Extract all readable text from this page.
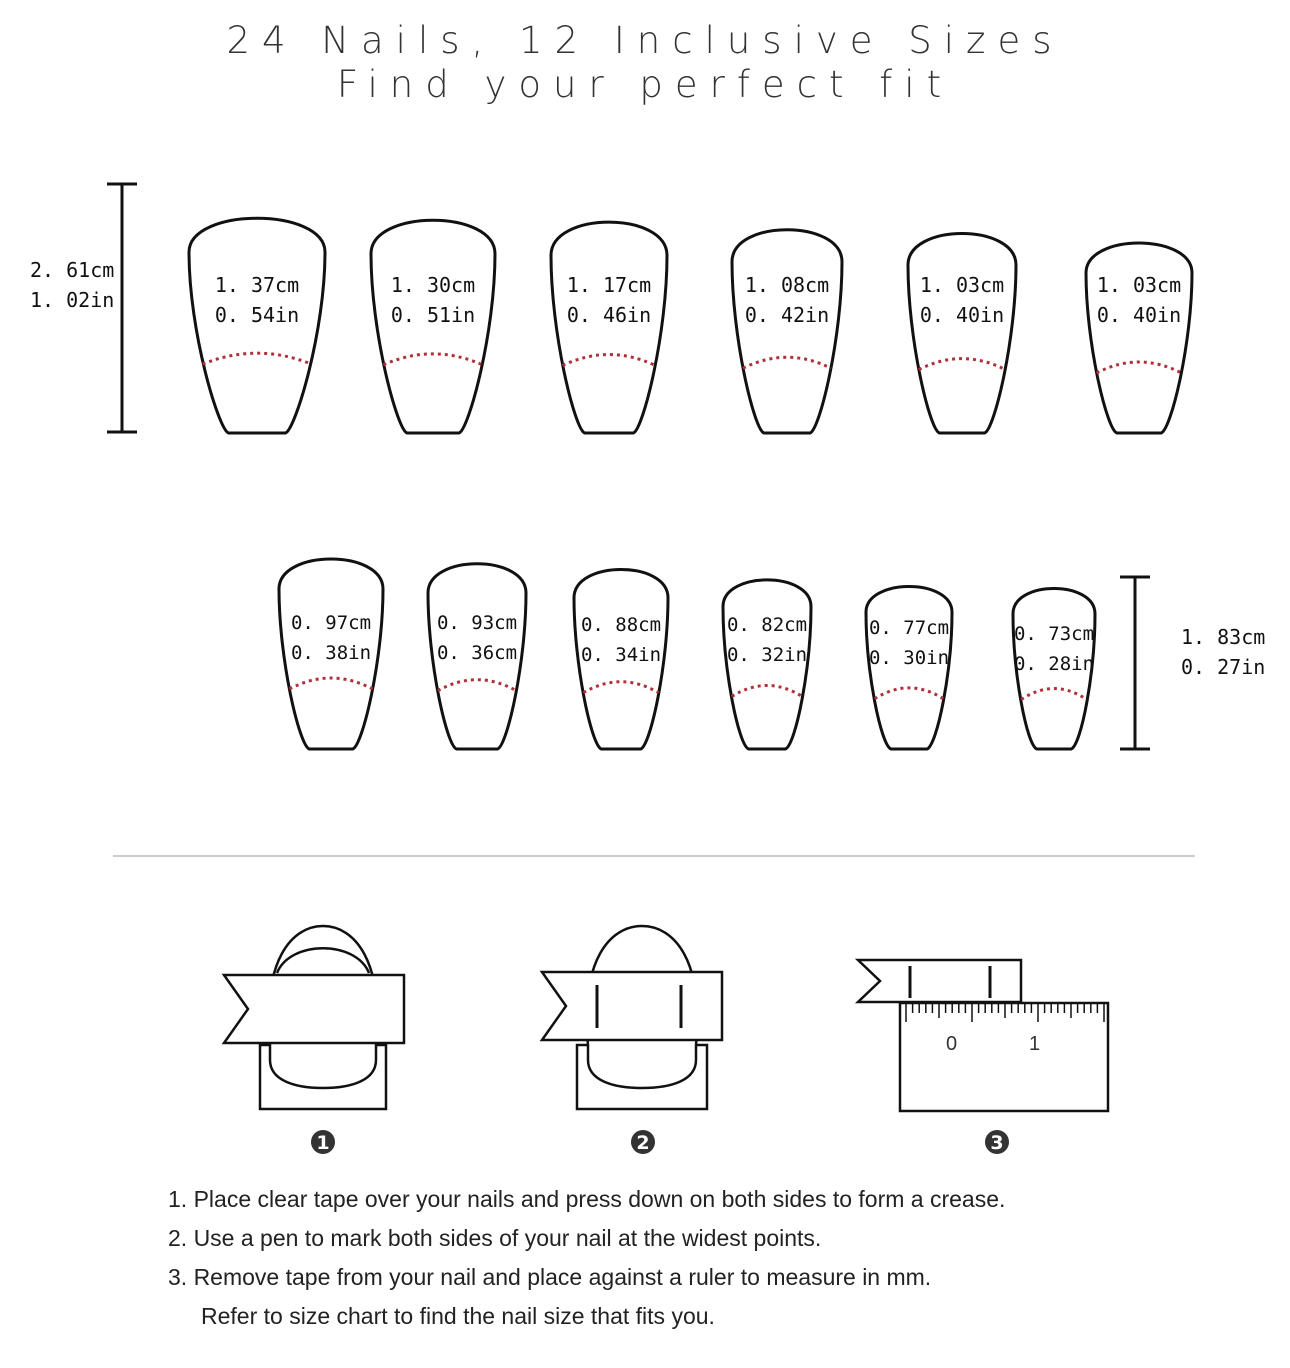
24 Nails, 12 Inclusive Sizes
Find your perfect fit
2. 61cm
1. 02in
1. 83cm
0. 27in
1. 37cm
0. 54in
1. 30cm
0. 51in
1. 17cm
0. 46in
1. 08cm
0. 42in
1. 03cm
0. 40in
1. 03cm
0. 40in
0. 97cm
0. 38in
0. 93cm
0. 36cm
0. 88cm
0. 34in
0. 82cm
0. 32in
0. 77cm
0. 30in
0. 73cm
0. 28in
0	1
1	2	3
1. Place clear tape over your nails and press down on both sides to form a crease.
2. Use a pen to mark both sides of your nail at the widest points.
3. Remove tape from your nail and place against a ruler to measure in mm.
Refer to size chart to find the nail size that fits you.
